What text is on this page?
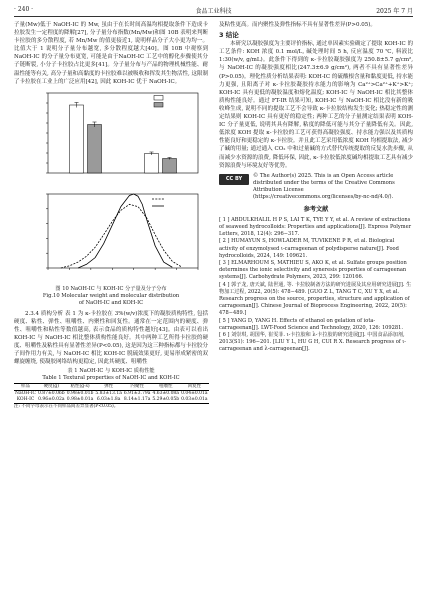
· 240 ·	食品工业科技	2025 年 7 月

子量(Mw)低于 NaOH-IC 的 Mw, 虽由于在长时间高温均相提取条件下造成卡拉胶发生一定程度的降解[27], 分子量分布指数(Mn/Mw)和图 10B 表明来判断卡拉胶的多分散程度, 若 Mn/Mw 的值更接近1, 说明样品分子大小更为均一。比值大于 1 说明分子量分布越宽, 多分散程度越大[40]。图 10B 中观察到 NaOH-IC 的分子量分布更宽, 可能是由于NaOH-IC 工艺中的醇化步骤使其分子链断裂, 小分子卡拉胶占比更多[41]。分子量分布与产品的物理机械性能、耐温性能等有关, 高分子量和高黏度的卡拉胶难以被吸收和挥发其生物活性, 这限制了卡拉胶在工业上的广泛应用[42], 因此 KOH-IC 优于 NaOH-IC。

图 10 NaOH-IC 与 KOH-IC 分子量及分子分布
Fig.10 Molecular weight and molecular distribution
of NaOH-IC and KOH-IC

2.3.4 质构分析 表 1 为 κ-卡拉胶在 3%(w/v)浓度下的凝胶质构特性, 包括硬度、粘性、弹性、咀嚼性、内聚性和回复性。通常在一定范围内的硬度、弹性、咀嚼性和粘性等数值越高, 表示食品的质构特性越好[43]。由表可以看出 KOH-IC 与 NaOH-IC 相比整体质构性能良好。其中两种工艺所得卡拉胶的硬度、咀嚼性及粘性具有显著性差异(P<0.05), 这是因为这三种指标都与卡拉胶分子间作用力有关, 与 NaOH-IC 相比 KOH-IC 脱硫效果更好, 更易形成紧密的双螺旋缠绕, 使凝胶网络结构更稳定, 因此其硬度、咀嚼性

表 1 NaOH-IC 与 KOH-IC 质构性能
Table 1 Textural properties of NaOH-IC and KOH-IC
样品	硬度(g)	粘性(g·s)	弹性	内聚性	咀嚼性	回复性
NaOH-IC	0.87±0.06b	0.98±0.01b	5.83±13.1a	6.91±3.79a	4.63±0.08a	0.04±0.01a
KOH-IC	0.96±0.02a	0.98±0.01a	6.03±1.8a	8.14±1.17a	5.29±0.05b	0.03±0.01a
注: 不同字母表示在不同样品间差异显著(P<0.05)。

及粘性更高。而内聚性及弹性指标不具有显著性差异(P>0.05)。

3 结论

本研究以凝胶强度为主要评价指标, 通过单因素实验确定了提取 KOH-IC 的工艺条件: KOH 浓度 0.1 mol/L, 碱处理时间 5 h, 反应温度 70 ℃, 料液比 1:30(w/v, g/mL)。此条件下得到的 κ-卡拉胶凝胶强度为 250.8±5.7 g/cm², 与 NaOH-IC 的凝胶强度相比(247.3±6.9 g/cm²), 两者不具有显著性差异(P>0.05)。理化性质分析结果表明: KOH-IC 的硫酸根含量和黏度更低, 持水能力更强, 且阳离子对 κ-卡拉胶凝胶持水能力的影响为 Ca²⁺>Ca²⁺+K⁺>K⁺; KOH-IC 具有更低的凝胶温度和熔化温度; KOH-IC 与 NaOH-IC 相比其整体质构性能良好。通过 FT-IR 结果可知, KOH-IC 与 NaOH-IC 相比没有新的吸收峰生成, 说明不同的提取工艺不会导致 κ-卡拉胶结构发生变化; 热稳定性的测定结果则 KOH-IC 具有更好的稳定性; 两种工艺的分子量测定结果表明 KOH-IC 分子量更低, 说明其具有降解, 粘度的降低可能与其分子量降低有关。因此, 低浓度 KOH 提取 κ-卡拉胶的工艺可获得高凝胶强度、持水能力强以及其质构性能良好和更稳定的 κ-卡拉胶。并且此工艺采用低浓度 KOH 均相提取法, 减少了碱的用量; 通过通入 CO₂ 中和过量碱的方式替代传统提取的反复水洗步骤, 从而减少水资源的浪费, 降低环保, 因此, κ-卡拉胶低浓度碱均相提取工艺具有减少资源浪费与环境友好等优势。

CC BY	© The Author(s) 2025. This is an Open Access article distributed under the terms of the Creative Commons Attribution License (https://creativecommons.org/licenses/by-nc-nd/4.0/).
参考文献

[ 1 ] ABDULKHALIL H P S, LAI T K, TYE Y Y, et al. A review of extractions of seaweed hydrocolloids: Properties and applications[J]. Express Polymer Letters, 2018, 12(4): 296−317.

[ 2 ] HUMAYUN S, HOWLADER M, TUVIKENE P R, et al. Biological activity of enzymolysed ι-carrageenan of polydisperse nature[J]. Food hydrocolloids, 2024, 149: 109621.

[ 3 ] ELMARHOUM S, MATHIEU S, AKO K, et al. Sulfate groups position determines the ionic selectivity and syneresis properties of carrageenan systems[J]. Carbohydrate Polymers, 2023, 299: 120166.

[ 4 ] 郭子龙, 唐天斌, 陆世通, 等. 卡拉胶制备方法的研究进展及其应用研究进展[J]. 生物加工过程, 2022, 20(5): 478−489. [GUO Z L, TANG T C, XU Y X, et al. Research progress on the source, properties, structure and application of carrageenan[J]. Chinese Journal of Bioprocess Engineering, 2022, 20(5): 478−489.]

[ 5 ] YANG D, YANG H. Effects of ethanol on gelation of iota-carrageenan[J]. LWT-Food Science and Technology, 2020, 126: 109281.

[ 6 ] 刘崇琪, 胡国华, 崔雯菲. ι-卡拉胶和 λ-卡拉胶的研究进展[J]. 中国食品添加剂, 2013(S1): 196−201. [LIU Y L, HU G H, CUI R X. Research progress of ι-carrageenan and λ-carrageenan[J].
